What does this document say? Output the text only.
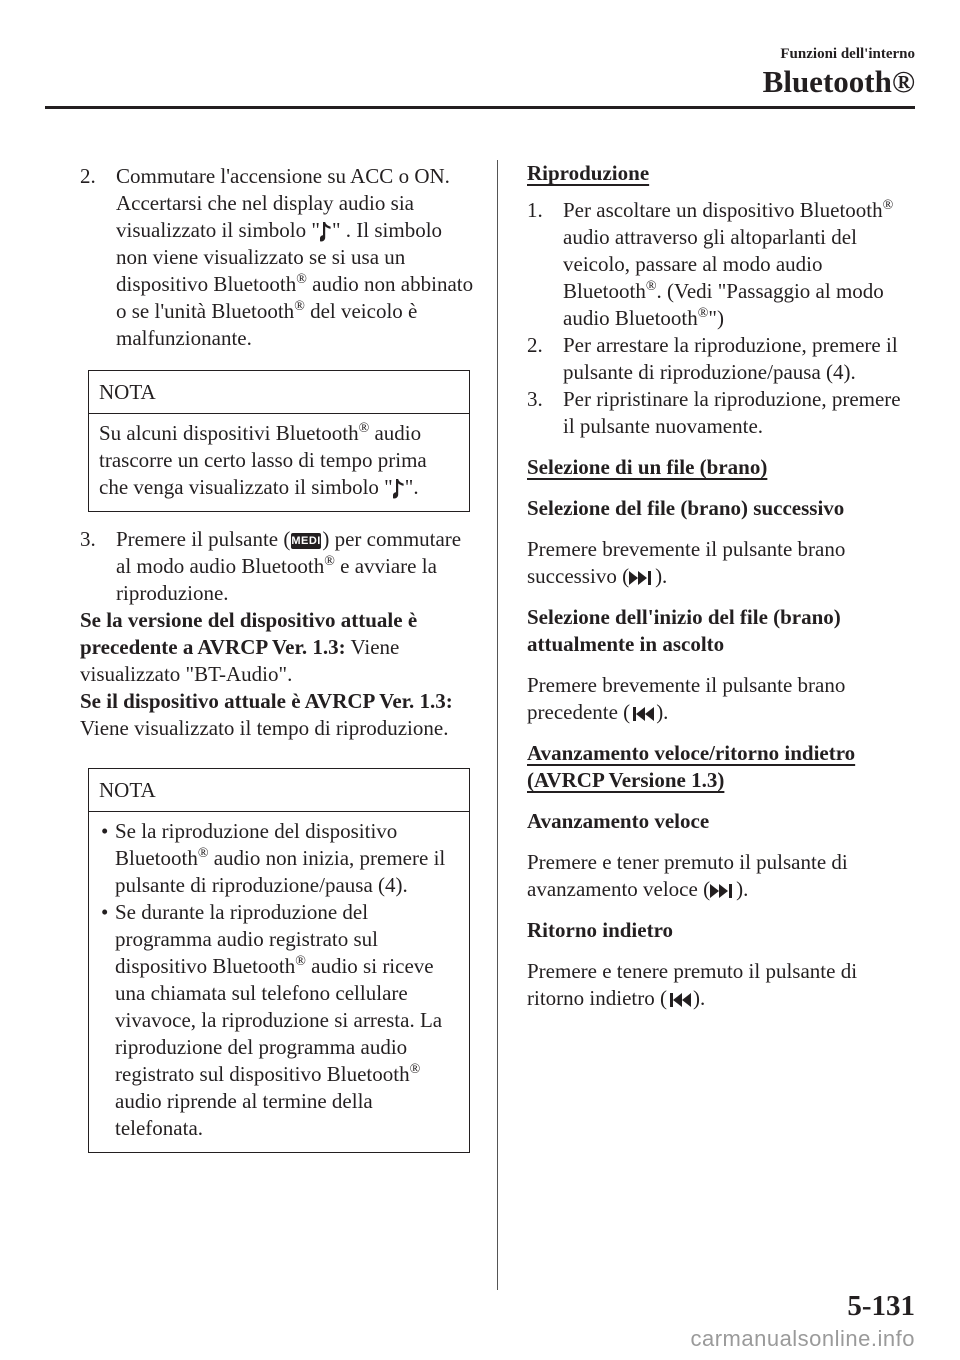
Funzioni dell'interno
Bluetooth®
2. Commutare l'accensione su ACC o ON.

Accertarsi che nel display audio sia visualizzato il simbolo " " . Il simbolo non viene visualizzato se si usa un dispositivo Bluetooth® audio non abbinato o se l'unità Bluetooth® del veicolo è malfunzionante.

NOTA

Su alcuni dispositivi Bluetooth® audio trascorre un certo lasso di tempo prima che venga visualizzato il simbolo " ".

3. Premere il pulsante (MEDIA) per commutare al modo audio Bluetooth® e avviare la riproduzione.

Se la versione del dispositivo attuale è precedente a AVRCP Ver. 1.3: Viene visualizzato "BT-Audio".

Se il dispositivo attuale è AVRCP Ver. 1.3: Viene visualizzato il tempo di riproduzione.

NOTA
• Se la riproduzione del dispositivo Bluetooth® audio non inizia, premere il pulsante di riproduzione/pausa (4).

• Se durante la riproduzione del programma audio registrato sul dispositivo Bluetooth® audio si riceve una chiamata sul telefono cellulare vivavoce, la riproduzione si arresta. La riproduzione del programma audio registrato sul dispositivo Bluetooth® audio riprende al termine della telefonata.

Riproduzione

1. Per ascoltare un dispositivo Bluetooth® audio attraverso gli altoparlanti del veicolo, passare al modo audio Bluetooth®. (Vedi "Passaggio al modo audio Bluetooth®")

2. Per arrestare la riproduzione, premere il pulsante di riproduzione/pausa (4).

3. Per ripristinare la riproduzione, premere il pulsante nuovamente.

Selezione di un file (brano)

Selezione del file (brano) successivo

Premere brevemente il pulsante brano successivo ( ).

Selezione dell'inizio del file (brano) attualmente in ascolto

Premere brevemente il pulsante brano precedente ( ).

Avanzamento veloce/ritorno indietro (AVRCP Versione 1.3)

Avanzamento veloce

Premere e tener premuto il pulsante di avanzamento veloce ( ).

Ritorno indietro

Premere e tenere premuto il pulsante di ritorno indietro ( ).

5-131
carmanualsonline.info
